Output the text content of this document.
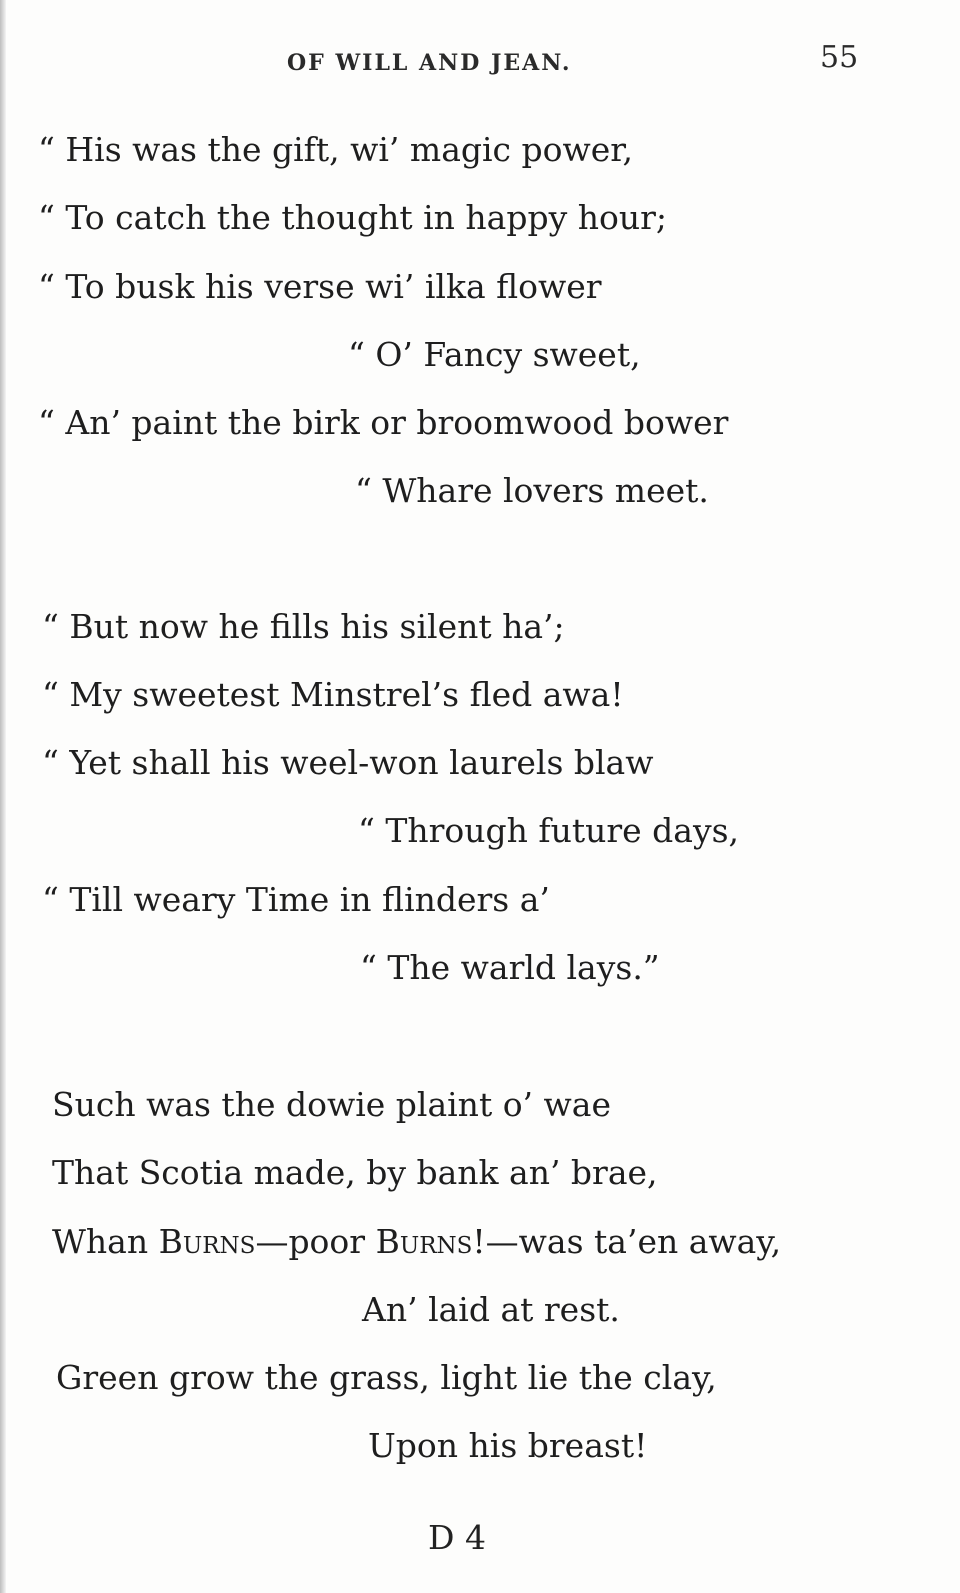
OF WILL AND JEAN.	55
“ His was the gift, wi’ magic power,
“ To catch the thought in happy hour;
“ To busk his verse wi’ ilka flower
“ O’ Fancy sweet,
“ An’ paint the birk or broomwood bower
“ Whare lovers meet.
“ But now he fills his silent ha’;
“ My sweetest Minstrel’s fled awa!
“ Yet shall his weel-won laurels blaw
“ Through future days,
“ Till weary Time in flinders a’
“ The warld lays.”
Such was the dowie plaint o’ wae
That Scotia made, by bank an’ brae,
Whan Burns—poor Burns!—was ta’en away,
An’ laid at rest.
Green grow the grass, light lie the clay,
Upon his breast!
D 4
